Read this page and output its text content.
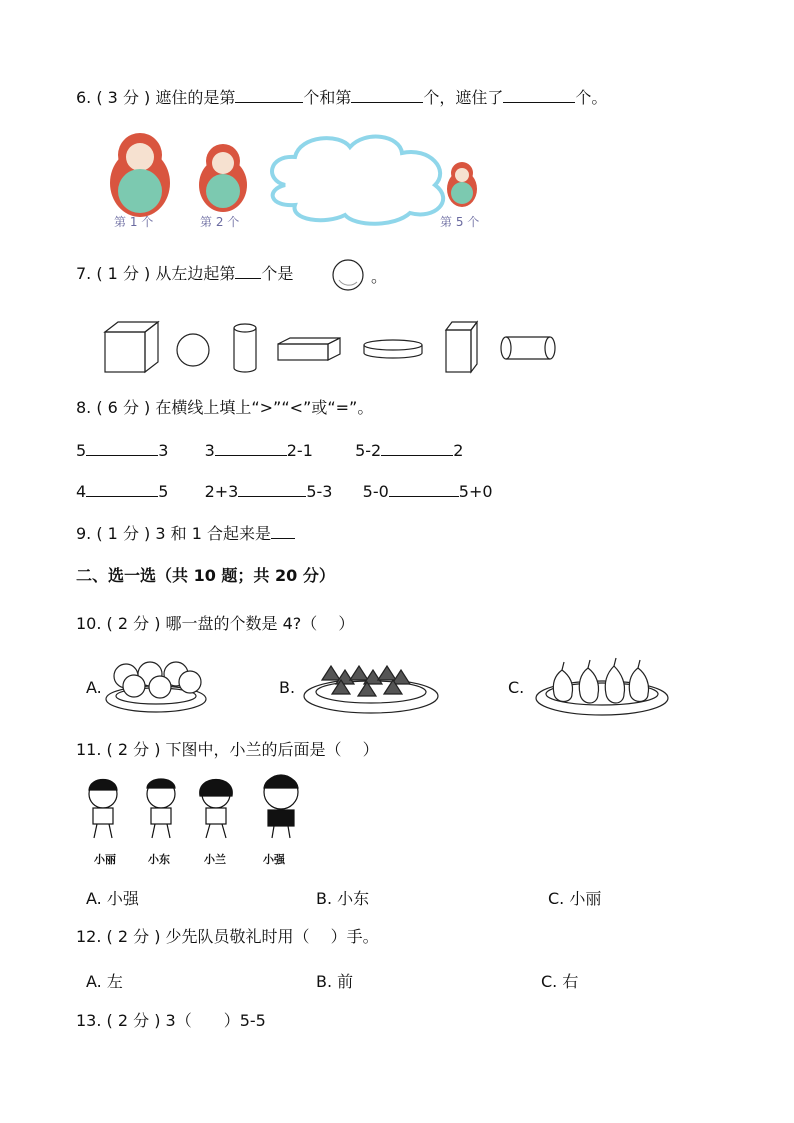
6. ( 3 分 ) 遮住的是第	个和第	个，遮住了	个。
第 1 个	第 2 个	第 5 个
7. ( 1 分 ) 从左边起第 个是	。
8. ( 6 分 ) 在横线上填上“>”“<”或“=”。
5	3 3	2-1	5-2	2
4	5 2+3	5-3 5-0	5+0
9. ( 1 分 ) 3 和 1 合起来是
二、选一选（共 10 题；共 20 分）
10. ( 2 分 ) 哪一盘的个数是 4?（　 ）
A.	B.	C.
11. ( 2 分 ) 下图中，小兰的后面是（　 ）
小丽	小东	小兰	小强
A. 小强	B. 小东	C. 小丽
12. ( 2 分 ) 少先队员敬礼时用（　 ）手。
A. 左	B. 前	C. 右
13. ( 2 分 ) 3（　　）5-5
